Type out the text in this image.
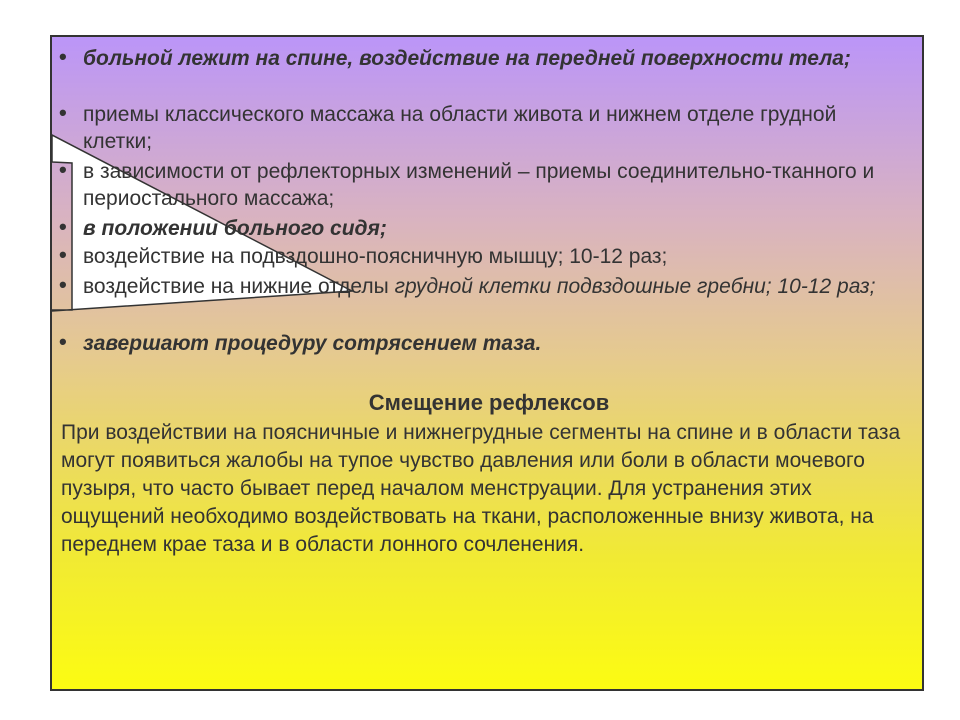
• больной лежит на спине, воздействие на передней поверхности тела;
• приемы классического массажа на области живота и нижнем отделе грудной клетки;
• в зависимости от рефлекторных изменений – приемы соединительно-тканного и периостального массажа;
• в положении больного сидя;
• воздействие на подвздошно-поясничную мышцу; 10-12 раз;
• воздействие на нижние отделы грудной клетки подвздошные гребни; 10-12 раз;
• завершают процедуру сотрясением таза.
Смещение рефлексов
При воздействии на поясничные и нижнегрудные сегменты на спине и в области таза могут появиться жалобы на тупое чувство давления или боли в области мочевого пузыря, что часто бывает перед началом менструации. Для устранения этих ощущений необходимо воздействовать на ткани, расположенные внизу живота, на переднем крае таза и в области лонного сочленения.
